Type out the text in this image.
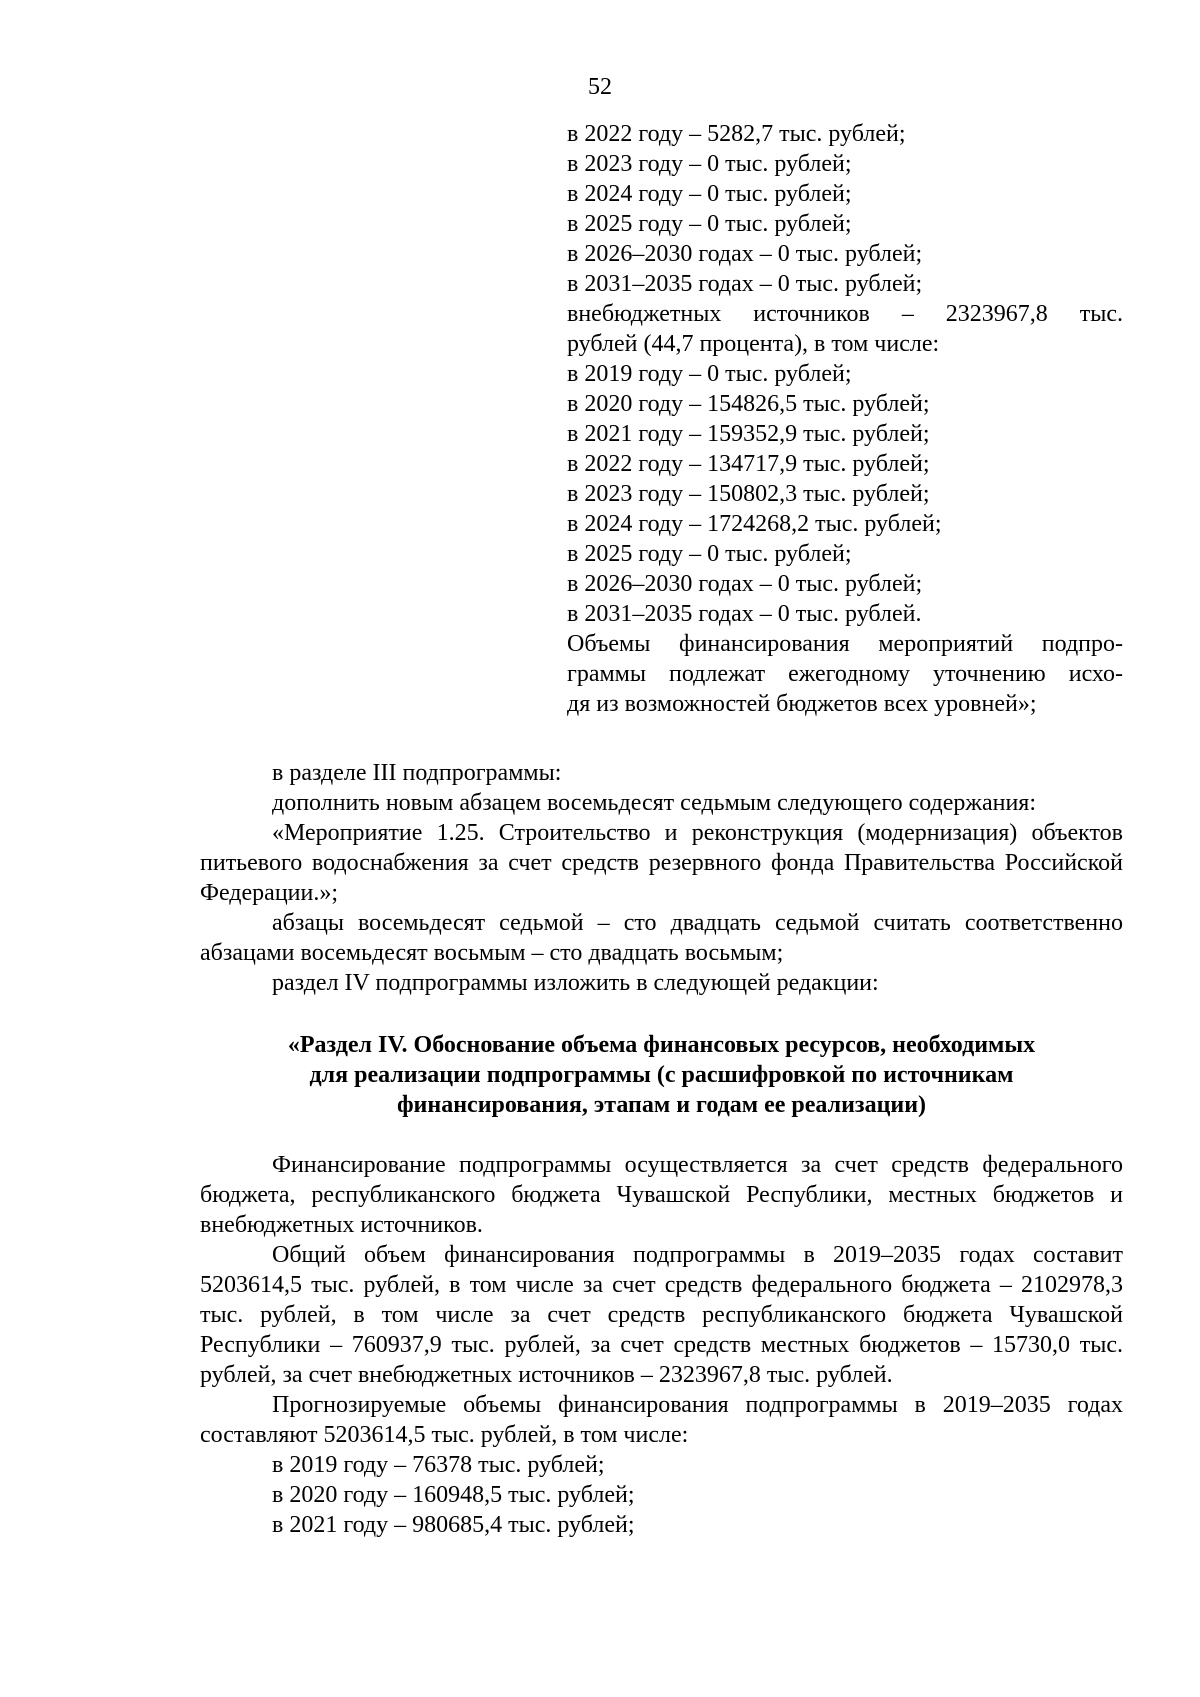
52
в 2022 году – 5282,7 тыс. рублей;
в 2023 году – 0 тыс. рублей;
в 2024 году – 0 тыс. рублей;
в 2025 году – 0 тыс. рублей;
в 2026–2030 годах – 0 тыс. рублей;
в 2031–2035 годах – 0 тыс. рублей;
внебюджетных источников – 2323967,8 тыс.
рублей (44,7 процента), в том числе:
в 2019 году – 0 тыс. рублей;
в 2020 году – 154826,5 тыс. рублей;
в 2021 году – 159352,9 тыс. рублей;
в 2022 году – 134717,9 тыс. рублей;
в 2023 году – 150802,3 тыс. рублей;
в 2024 году – 1724268,2 тыс. рублей;
в 2025 году – 0 тыс. рублей;
в 2026–2030 годах – 0 тыс. рублей;
в 2031–2035 годах – 0 тыс. рублей.
Объемы финансирования мероприятий подпро-
граммы подлежат ежегодному уточнению исхо-
дя из возможностей бюджетов всех уровней»;

в разделе III подпрограммы:

дополнить новым абзацем восемьдесят седьмым следующего содержания:

«Мероприятие 1.25. Строительство и реконструкция (модернизация) объектов питьевого водоснабжения за счет средств резервного фонда Правительства Российской Федерации.»;

абзацы восемьдесят седьмой – сто двадцать седьмой считать соответственно абзацами восемьдесят восьмым – сто двадцать восьмым;

раздел IV подпрограммы изложить в следующей редакции:

«Раздел IV. Обоснование объема финансовых ресурсов, необходимых
для реализации подпрограммы (с расшифровкой по источникам
финансирования, этапам и годам ее реализации)

Финансирование подпрограммы осуществляется за счет средств федерального бюджета, республиканского бюджета Чувашской Республики, местных бюджетов и внебюджетных источников.

Общий объем финансирования подпрограммы в 2019–2035 годах составит 5203614,5 тыс. рублей, в том числе за счет средств федерального бюджета – 2102978,3 тыс. рублей, в том числе за счет средств республиканского бюджета Чувашской Республики – 760937,9 тыс. рублей, за счет средств местных бюджетов – 15730,0 тыс. рублей, за счет внебюджетных источников – 2323967,8 тыс. рублей.

Прогнозируемые объемы финансирования подпрограммы в 2019–2035 годах составляют 5203614,5 тыс. рублей, в том числе:

в 2019 году – 76378 тыс. рублей;

в 2020 году – 160948,5 тыс. рублей;

в 2021 году – 980685,4 тыс. рублей;
